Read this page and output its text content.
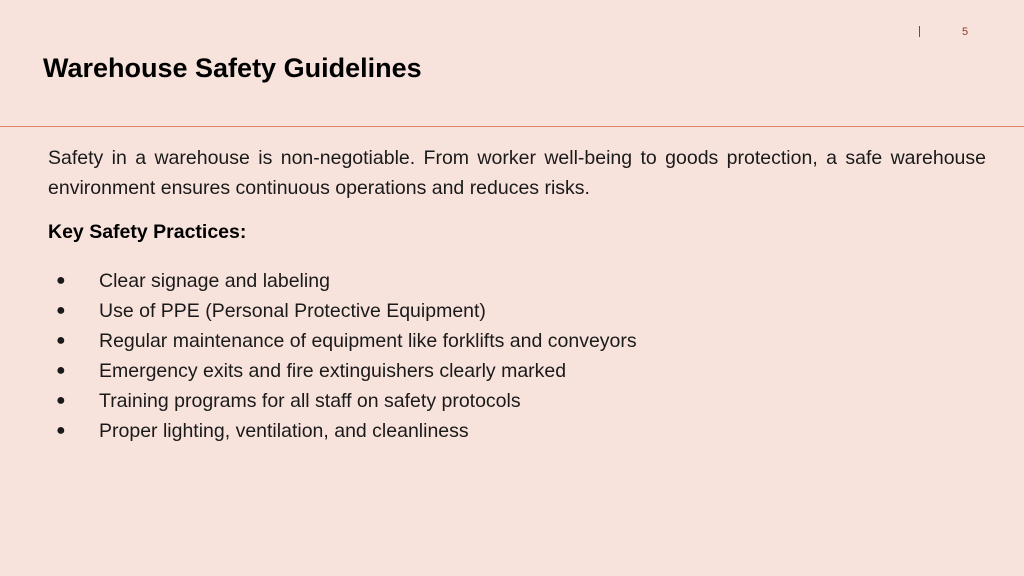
5
Warehouse Safety Guidelines

Safety in a warehouse is non-negotiable. From worker well-being to goods protection, a safe warehouse environment ensures continuous operations and reduces risks.

Key Safety Practices:

● Clear signage and labeling
● Use of PPE (Personal Protective Equipment)
● Regular maintenance of equipment like forklifts and conveyors
● Emergency exits and fire extinguishers clearly marked
● Training programs for all staff on safety protocols
● Proper lighting, ventilation, and cleanliness
